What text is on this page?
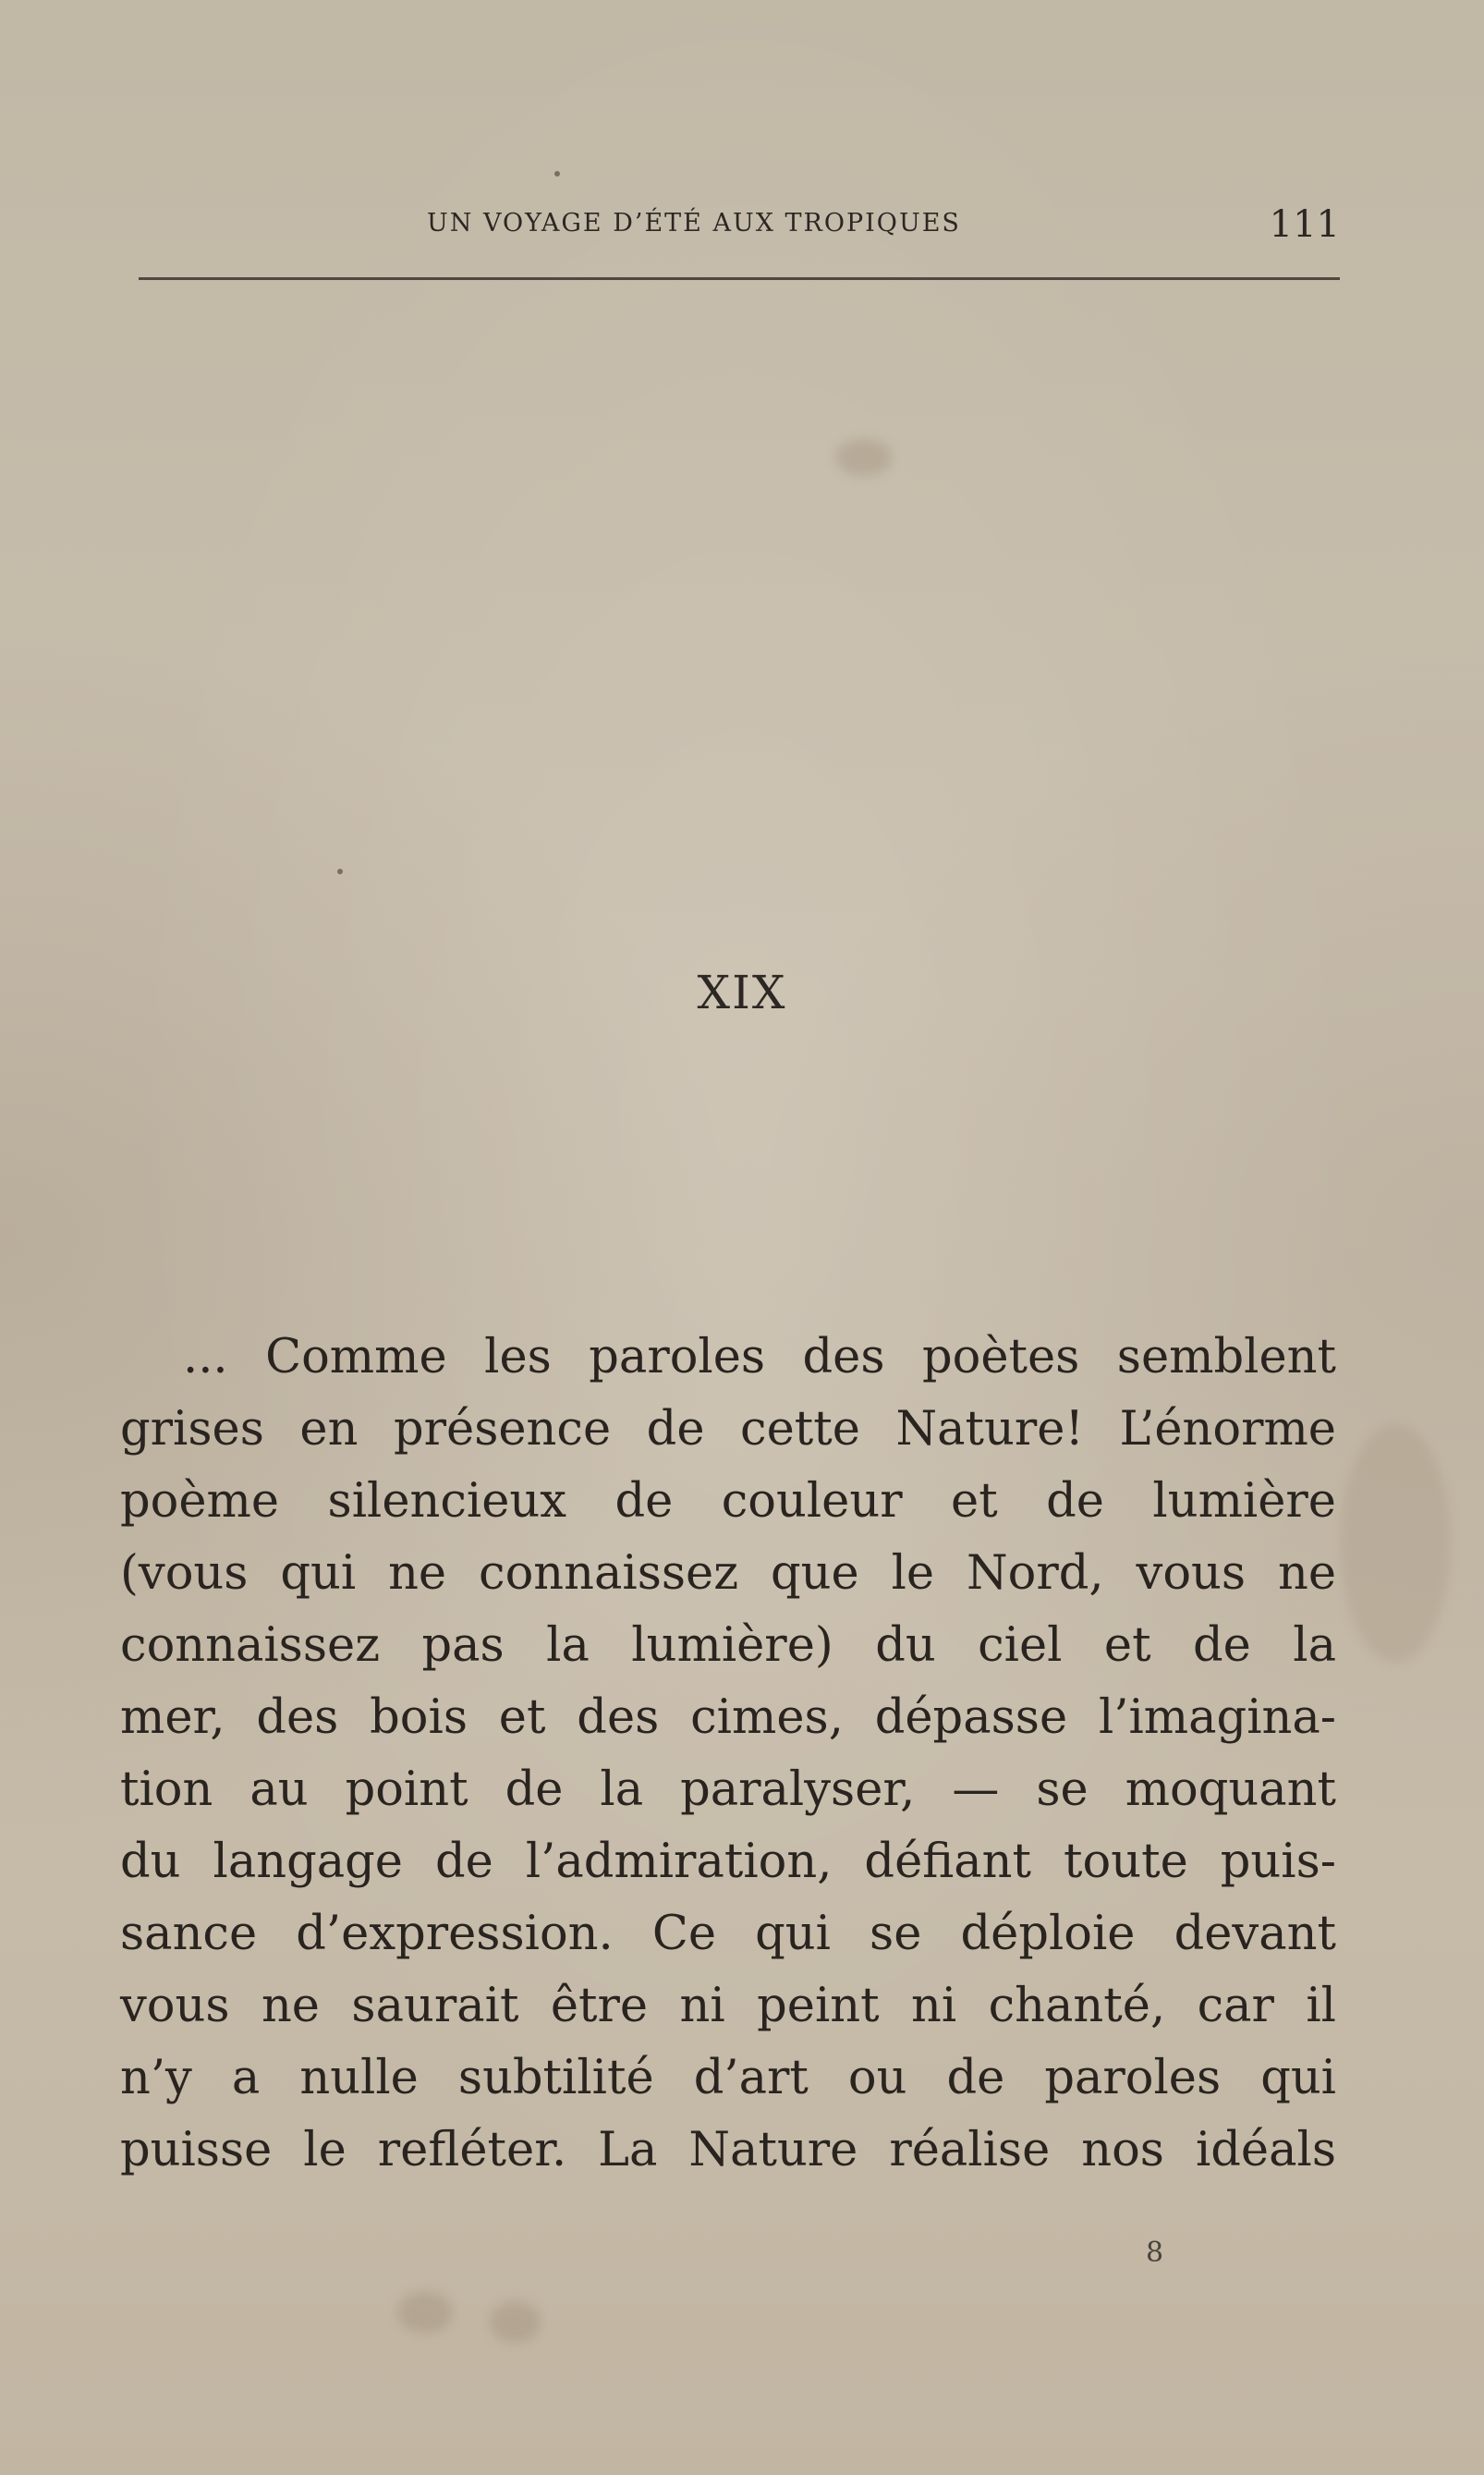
UN VOYAGE D’ÉTÉ AUX TROPIQUES	111
XIX

... Comme les paroles des poètes semblent
grises en présence de cette Nature! L’énorme
poème silencieux de couleur et de lumière
(vous qui ne connaissez que le Nord, vous ne
connaissez pas la lumière) du ciel et de la
mer, des bois et des cimes, dépasse l’imagina-
tion au point de la paralyser, — se moquant
du langage de l’admiration, défiant toute puis-
sance d’expression. Ce qui se déploie devant
vous ne saurait être ni peint ni chanté, car il
n’y a nulle subtilité d’art ou de paroles qui
puisse le refléter. La Nature réalise nos idéals

8
